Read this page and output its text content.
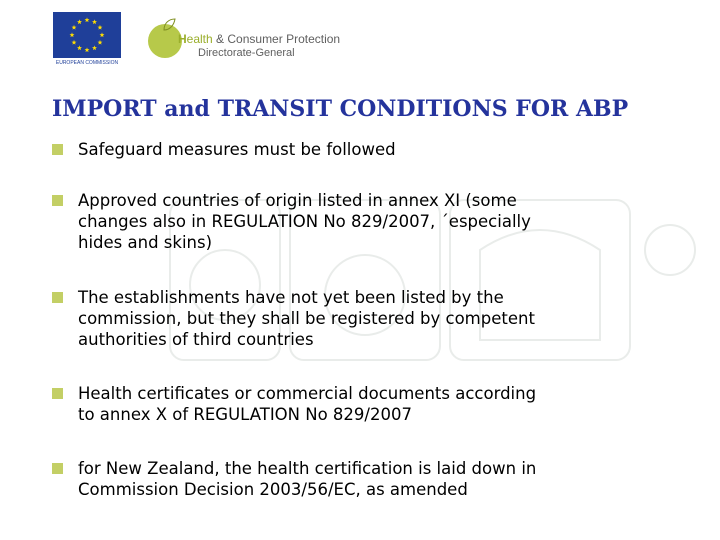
EUROPEAN COMMISSION
Health & Consumer Protection
Directorate-General
IMPORT and TRANSIT CONDITIONS FOR ABP
Safeguard measures must be followed
Approved countries of origin listed in annex XI (some
changes also in REGULATION No 829/2007, ´especially
hides and skins)
The establishments have not yet been listed by the
commission, but they shall be registered by competent
authorities of third countries
Health certificates or commercial documents according
to annex X of REGULATION No 829/2007
for New Zealand, the health certification is laid down in
Commission Decision 2003/56/EC, as amended
